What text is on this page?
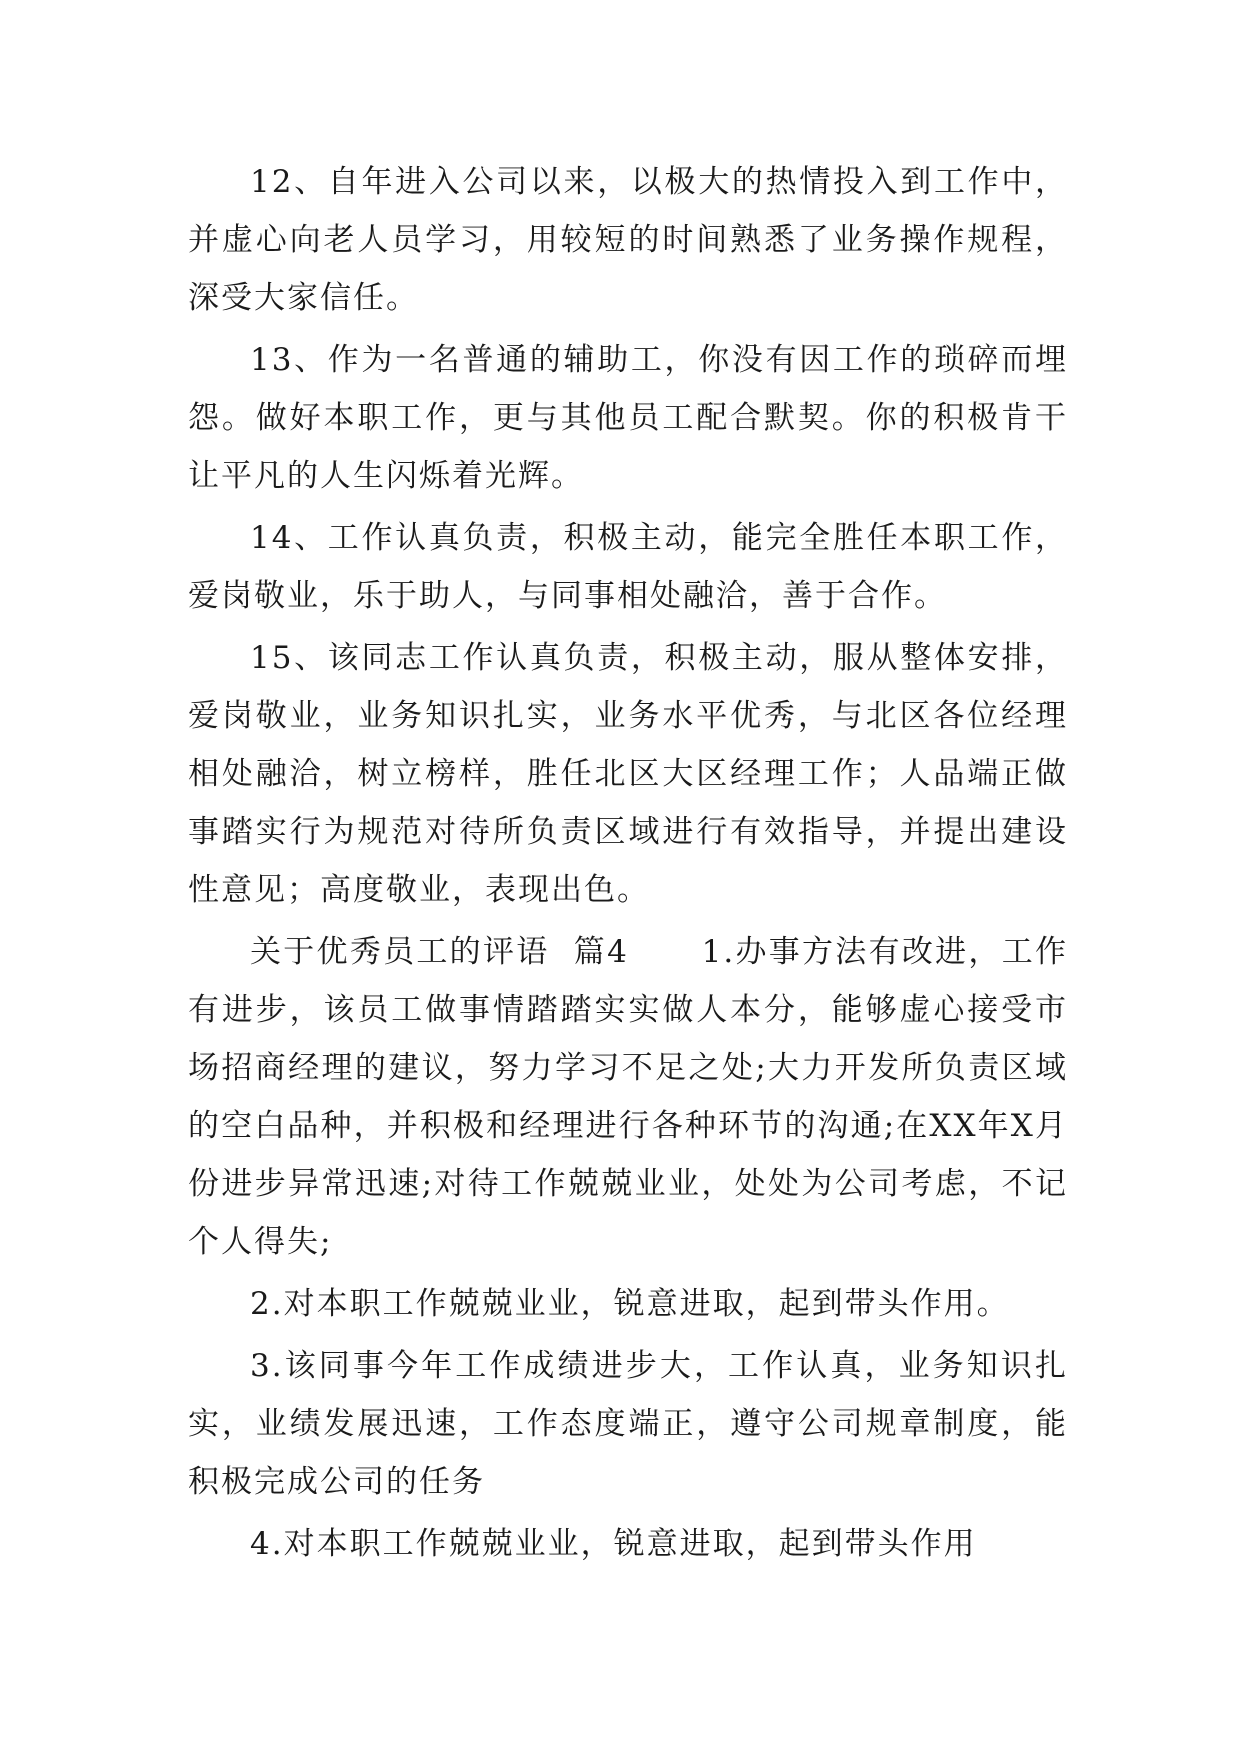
12、自年进入公司以来，以极大的热情投入到工作中，并虚心向老人员学习，用较短的时间熟悉了业务操作规程，深受大家信任。

13、作为一名普通的辅助工，你没有因工作的琐碎而埋怨。做好本职工作，更与其他员工配合默契。你的积极肯干让平凡的人生闪烁着光辉。

14、工作认真负责，积极主动，能完全胜任本职工作，爱岗敬业，乐于助人，与同事相处融洽，善于合作。

15、该同志工作认真负责，积极主动，服从整体安排，爱岗敬业，业务知识扎实，业务水平优秀，与北区各位经理相处融洽，树立榜样，胜任北区大区经理工作；人品端正做事踏实行为规范对待所负责区域进行有效指导，并提出建设性意见；高度敬业，表现出色。

关于优秀员工的评语  篇4      1.办事方法有改进，工作有进步，该员工做事情踏踏实实做人本分，能够虚心接受市场招商经理的建议，努力学习不足之处;大力开发所负责区域的空白品种，并积极和经理进行各种环节的沟通;在XX年X月份进步异常迅速;对待工作兢兢业业，处处为公司考虑，不记个人得失;

2.对本职工作兢兢业业，锐意进取，起到带头作用。

3.该同事今年工作成绩进步大，工作认真，业务知识扎实，业绩发展迅速，工作态度端正，遵守公司规章制度，能积极完成公司的任务

4.对本职工作兢兢业业，锐意进取，起到带头作用
